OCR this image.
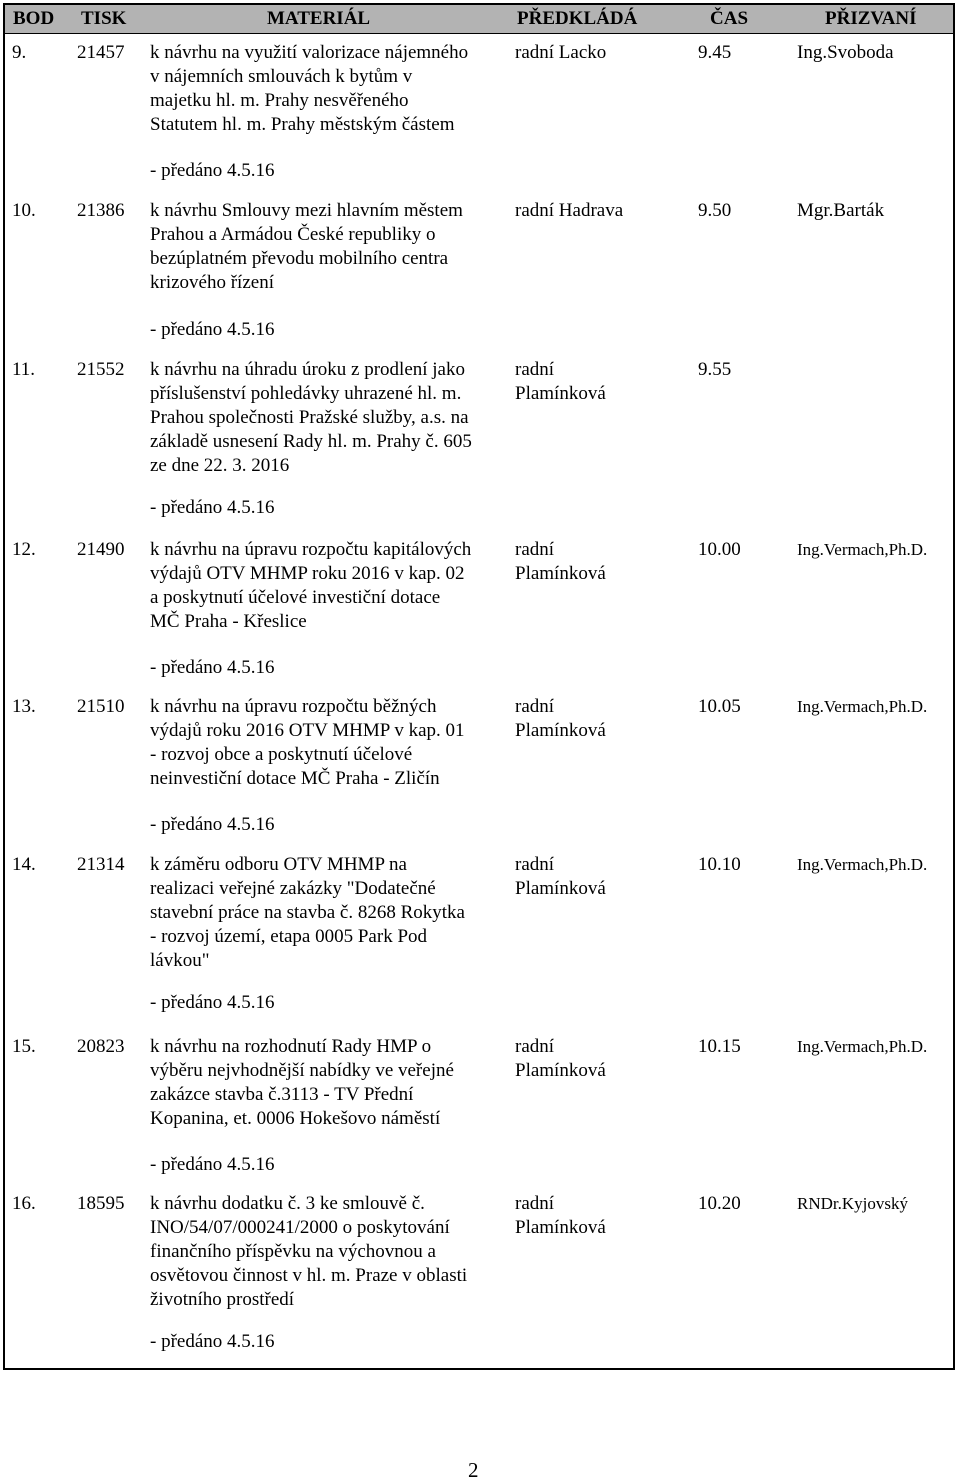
BOD TISK	MATERIÁL	PŘEDKLÁDÁ	ČAS	PŘIZVANÍ
9.	21457 k návrhu na využití valorizace nájemného
v nájemních smlouvách k bytům v
majetku hl. m. Prahy nesvěřeného
Statutem hl. m. Prahy městským částem
- předáno 4.5.16
radní Lacko	9.45	Ing.Svoboda
10. 21386 k návrhu Smlouvy mezi hlavním městem
Prahou a Armádou České republiky o
bezúplatném převodu mobilního centra
krizového řízení
- předáno 4.5.16
radní Hadrava	9.50	Mgr.Barták
11. 21552 k návrhu na úhradu úroku z prodlení jako
příslušenství pohledávky uhrazené hl. m.
Prahou společnosti Pražské služby, a.s. na
základě usnesení Rady hl. m. Prahy č. 605
ze dne 22. 3. 2016
- předáno 4.5.16
radní
Plamínková
9.55
12. 21490 k návrhu na úpravu rozpočtu kapitálových
výdajů OTV MHMP roku 2016 v kap. 02
a poskytnutí účelové investiční dotace
MČ Praha - Křeslice
- předáno 4.5.16
radní
Plamínková
10.00	Ing.Vermach,Ph.D.
13. 21510 k návrhu na úpravu rozpočtu běžných
výdajů roku 2016 OTV MHMP v kap. 01
- rozvoj obce a poskytnutí účelové
neinvestiční dotace MČ Praha - Zličín
- předáno 4.5.16
radní
Plamínková
10.05	Ing.Vermach,Ph.D.
14. 21314 k záměru odboru OTV MHMP na
realizaci veřejné zakázky "Dodatečné
stavební práce na stavba č. 8268 Rokytka
- rozvoj území, etapa 0005 Park Pod
lávkou"
- předáno 4.5.16
radní
Plamínková
10.10	Ing.Vermach,Ph.D.
15. 20823 k návrhu na rozhodnutí Rady HMP o
výběru nejvhodnější nabídky ve veřejné
zakázce stavba č.3113 - TV Přední
Kopanina, et. 0006 Hokešovo náměstí
- předáno 4.5.16
radní
Plamínková
10.15	Ing.Vermach,Ph.D.
16. 18595 k návrhu dodatku č. 3 ke smlouvě č.
INO/54/07/000241/2000 o poskytování
finančního příspěvku na výchovnou a
osvětovou činnost v hl. m. Praze v oblasti
životního prostředí
- předáno 4.5.16
radní
Plamínková
10.20	RNDr.Kyjovský
2
